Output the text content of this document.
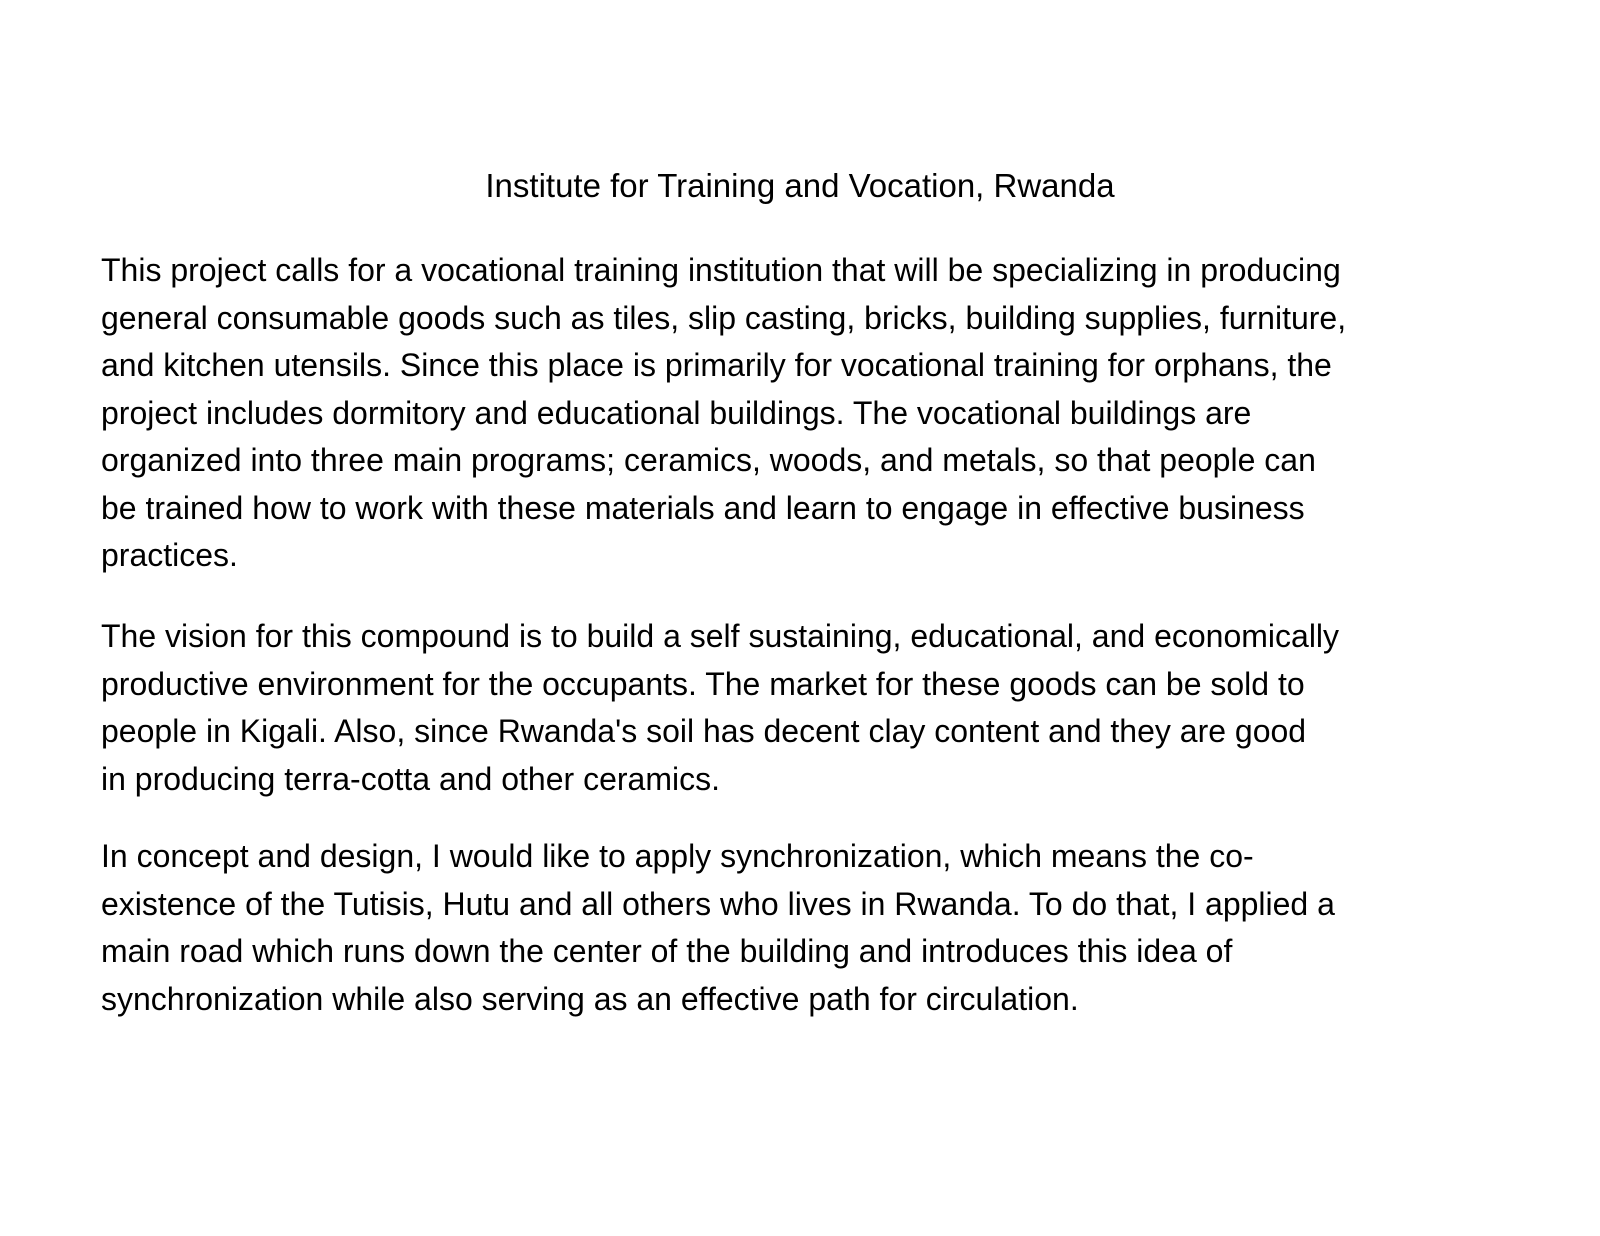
Institute for Training and Vocation, Rwanda

This project calls for a vocational training institution that will be specializing in producing
general consumable goods such as tiles, slip casting, bricks, building supplies, furniture,
and kitchen utensils. Since this place is primarily for vocational training for orphans, the
project includes dormitory and educational buildings. The vocational buildings are
organized into three main programs; ceramics, woods, and metals, so that people can
be trained how to work with these materials and learn to engage in effective business
practices.

The vision for this compound is to build a self sustaining, educational, and economically
productive environment for the occupants. The market for these goods can be sold to
people in Kigali. Also, since Rwanda's soil has decent clay content and they are good
in producing terra-cotta and other ceramics.

In concept and design, I would like to apply synchronization, which means the co-
existence of the Tutisis, Hutu and all others who lives in Rwanda. To do that, I applied a
main road which runs down the center of the building and introduces this idea of
synchronization while also serving as an effective path for circulation.
